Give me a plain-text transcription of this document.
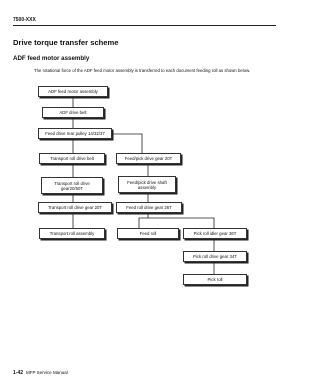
7500-XXX
Drive torque transfer scheme
ADF feed motor assembly
The rotational force of the ADF feed motor assembly is transferred to each document feeding roll as shown below.
ADF feed motor assembly
ADF drive belt
Feed drive rear pulley 14/32/37
Transport roll drive belt	Feed/pick drive gear 20T
Transport roll drive gear20/50T
Feed/pick drive shaft assembly
Transport roll drive gear 20T	Feed roll drive gear 26T
Transport roll assembly	Feed roll	Pick roll idler gear 36T
Pick roll drive gear 34T
Pick roll
1-42 MFP Service Manual
